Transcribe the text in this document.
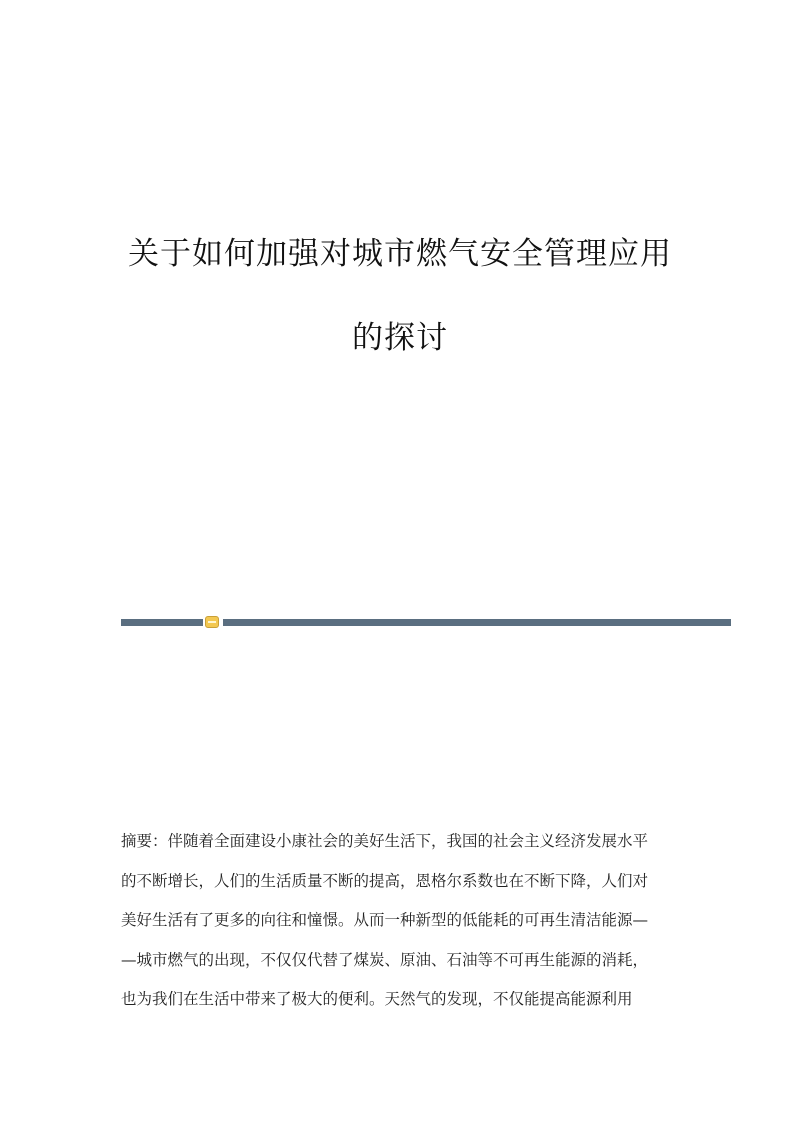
关于如何加强对城市燃气安全管理应用
的探讨
摘要：伴随着全面建设小康社会的美好生活下，我国的社会主义经济发展水平
的不断增长，人们的生活质量不断的提高，恩格尔系数也在不断下降，人们对
美好生活有了更多的向往和憧憬。从而一种新型的低能耗的可再生清洁能源—
—城市燃气的出现，不仅仅代替了煤炭、原油、石油等不可再生能源的消耗，
也为我们在生活中带来了极大的便利。天然气的发现，不仅能提高能源利用
